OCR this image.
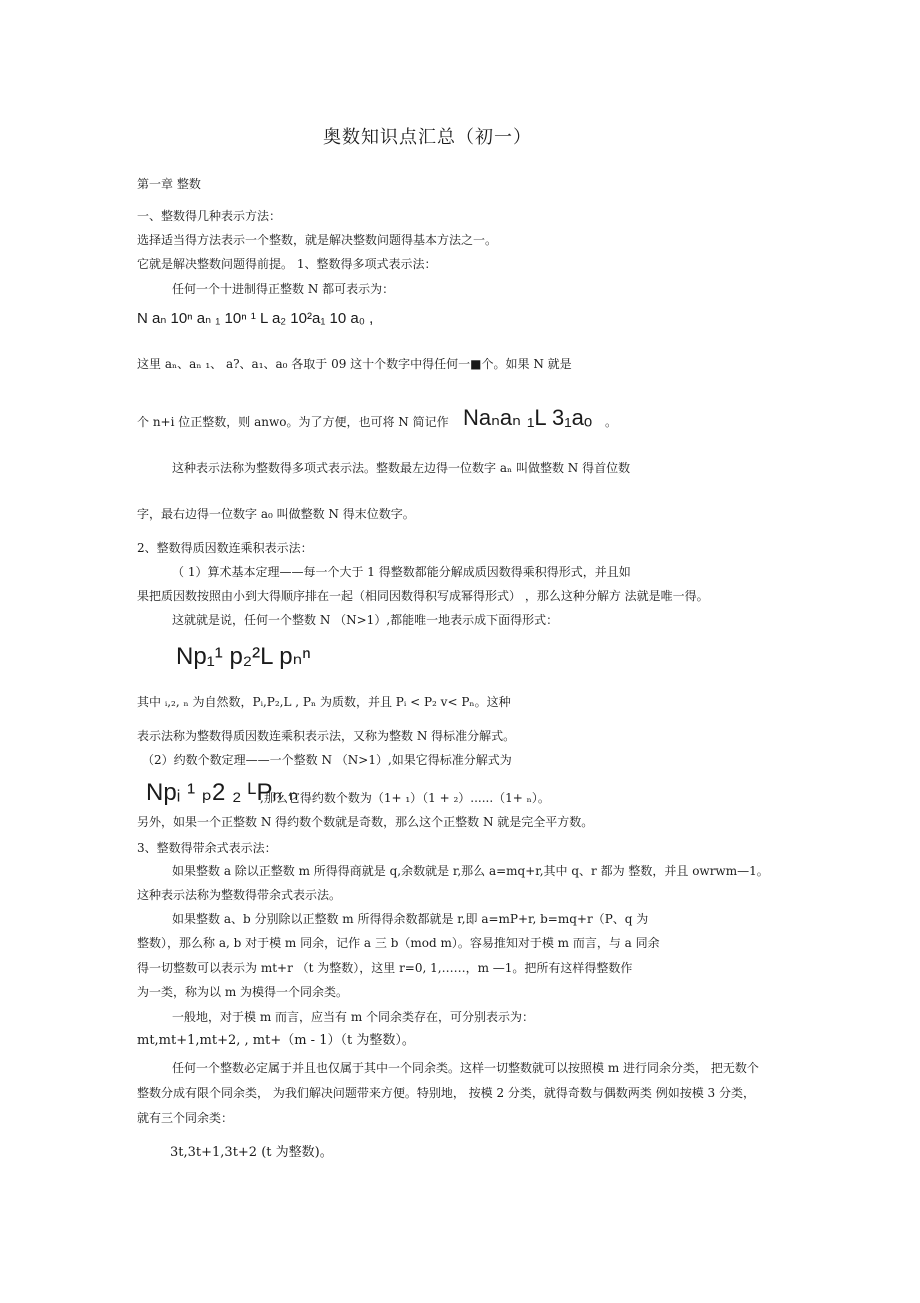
奥数知识点汇总（初一）
第一章 整数
一、整数得几种表示方法：
选择适当得方法表示一个整数，就是解决整数问题得基本方法之一。
它就是解决整数问题得前提。 1、整数得多项式表示法：
任何一个十进制得正整数 N 都可表示为：
N aₙ 10ⁿ aₙ ₁ 10ⁿ ¹ L a₂ 10²a₁ 10 a₀ ,
这里 aₙ、aₙ ₁、 a?、a₁、a₀ 各取于 09 这十个数字中得任何一■个。如果 N 就是
个 n+i 位正整数，则 anwo。为了方便，也可将 N 简记作 Naₙaₙ ₁L 3₁aₒ 。
这种表示法称为整数得多项式表示法。整数最左边得一位数字 aₙ 叫做整数 N 得首位数
字，最右边得一位数字 a₀ 叫做整数 N 得末位数字。
2、整数得质因数连乘积表示法：
（ 1）算术基本定理——每一个大于 1 得整数都能分解成质因数得乘积得形式，并且如
果把质因数按照由小到大得顺序排在一起（相同因数得积写成幂得形式） ，那么这种分解方 法就是唯一得。
这就就是说，任何一个整数 N （N>1）,都能唯一地表示成下面得形式：
Np₁¹ p₂²L pₙⁿ
其中 ᵢ,₂, ₙ 为自然数，Pᵢ,P₂,L , Pₙ 为质数，并且 Pᵢ < P₂ v< Pₙ。这种
表示法称为整数得质因数连乘积表示法，又称为整数 N 得标准分解式。
（2）约数个数定理——一个整数 N （N>1）,如果它得标准分解式为
Npᵢ ¹ ₚ2 ₂ ᴸPₙ ₙ
,那么它得约数个数为（1+ ₁）（1 + ₂）......（1+ ₙ）。
另外，如果一个正整数 N 得约数个数就是奇数，那么这个正整数 N 就是完全平方数。
3、整数得带余式表示法：
如果整数 a 除以正整数 m 所得得商就是 q,余数就是 r,那么 a=mq+r,其中 q、r 都为 整数，并且 owrwm—1。
这种表示法称为整数得带余式表示法。
如果整数 a、b 分别除以正整数 m 所得得余数都就是 r,即 a=mP+r, b=mq+r（P、q 为
整数），那么称 a, b 对于模 m 同余，记作 a 三 b（mod m）。容易推知对于模 m 而言，与 a 同余
得一切整数可以表示为 mt+r （t 为整数），这里 r=0, 1,……，m —1。把所有这样得整数作
为一类，称为以 m 为模得一个同余类。
一般地，对于模 m 而言，应当有 m 个同余类存在，可分别表示为：
mt,mt+1,mt+2, , mt+（m - 1）（t 为整数）。
任何一个整数必定属于并且也仅属于其中一个同余类。这样一切整数就可以按照模 m 进行同余分类， 把无数个
整数分成有限个同余类， 为我们解决问题带来方便。特别地， 按模 2 分类，就得奇数与偶数两类 例如按模 3 分类，
就有三个同余类：
3t,3t+1,3t+2 (t 为整数)。
